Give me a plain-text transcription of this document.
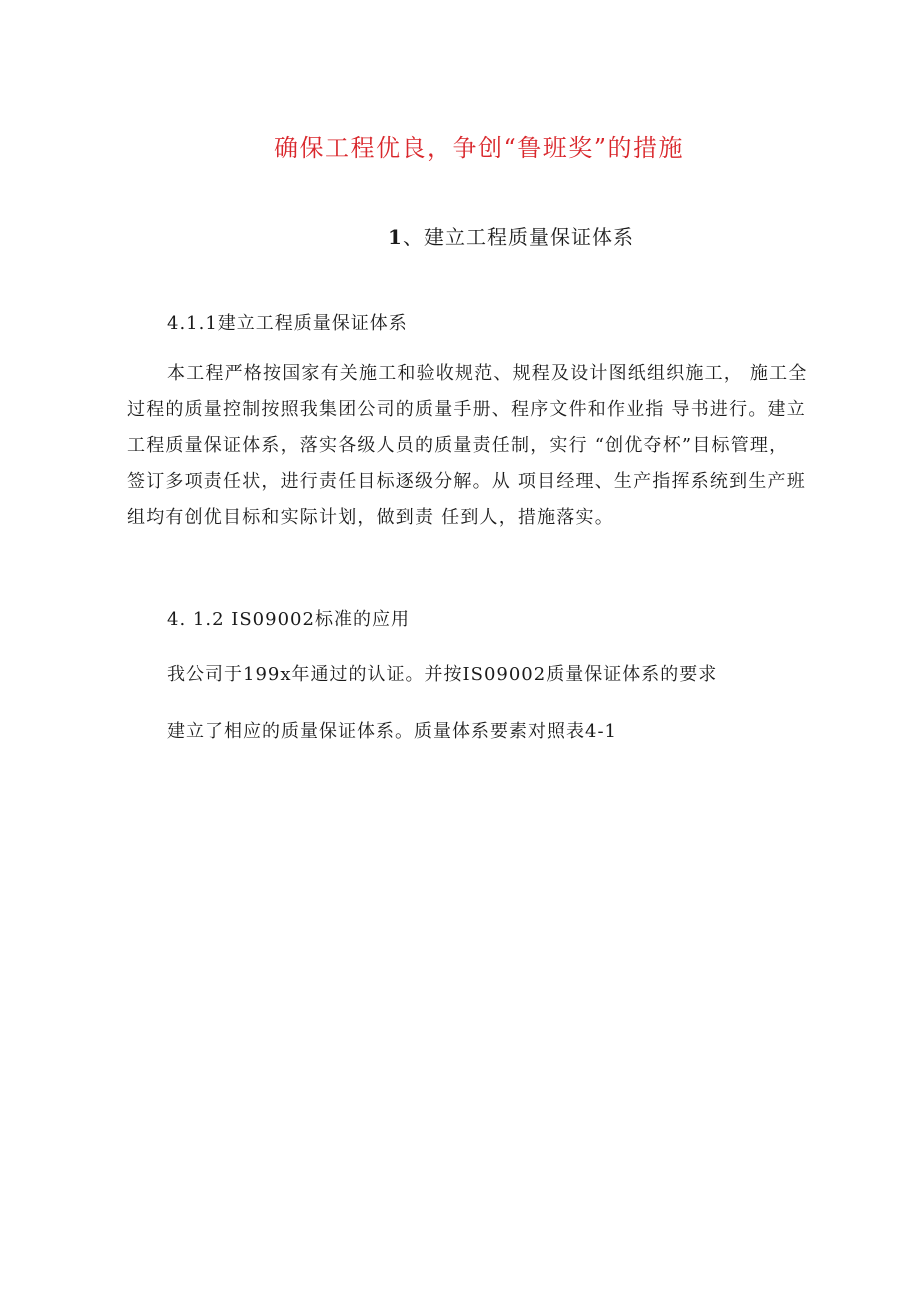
确保工程优良，争创“鲁班奖”的措施
1、建立工程质量保证体系
4.1.1建立工程质量保证体系
本工程严格按国家有关施工和验收规范、规程及设计图纸组织施工， 施工全
过程的质量控制按照我集团公司的质量手册、程序文件和作业指 导书进行。建立
工程质量保证体系，落实各级人员的质量责任制，实行 “创优夺杯”目标管理，
签订多项责任状，进行责任目标逐级分解。从 项目经理、生产指挥系统到生产班
组均有创优目标和实际计划，做到责 任到人，措施落实。
4. 1.2 IS09002标准的应用
我公司于199x年通过的认证。并按IS09002质量保证体系的要求
建立了相应的质量保证体系。质量体系要素对照表4-1
